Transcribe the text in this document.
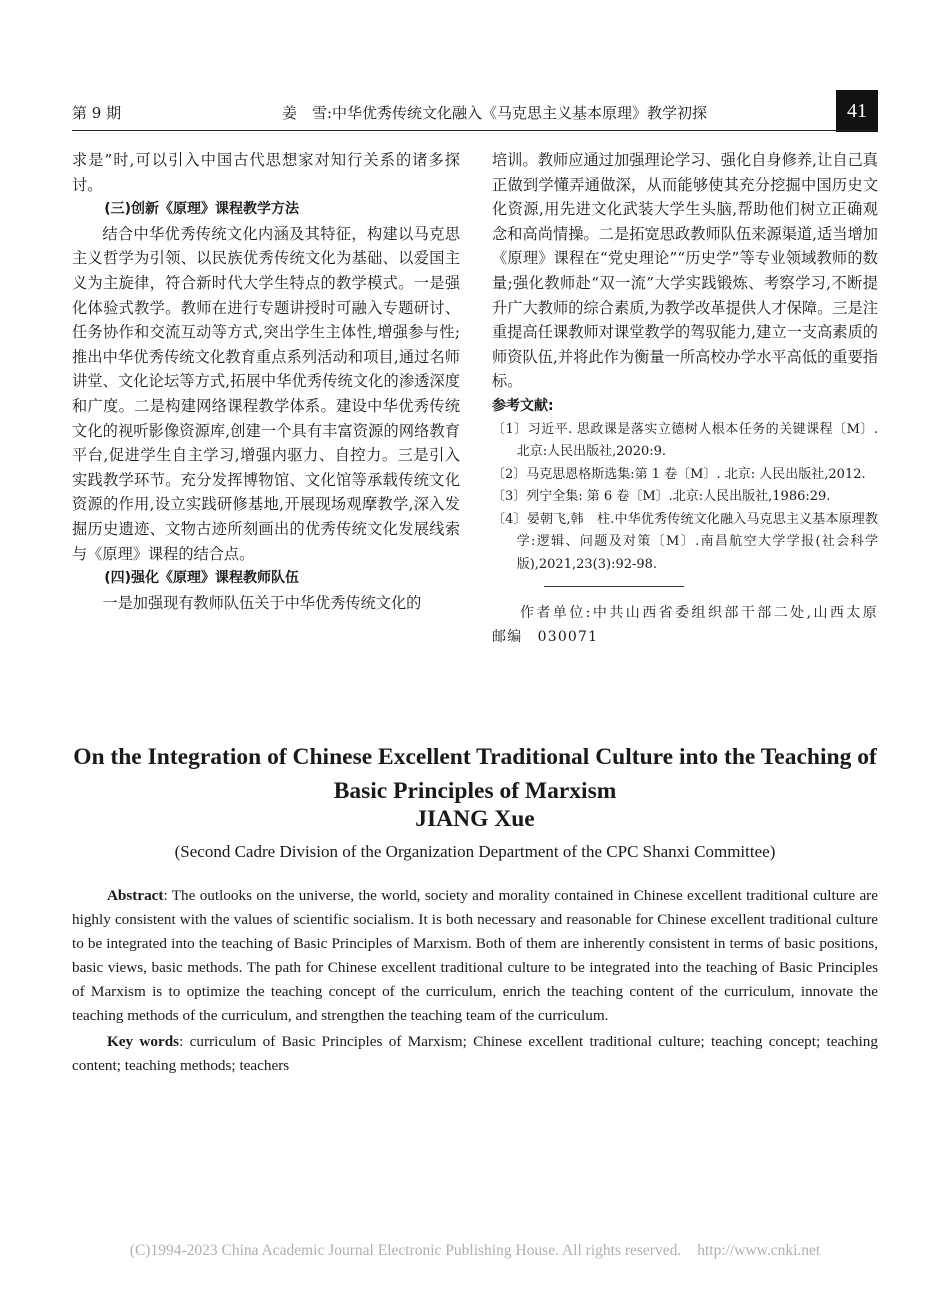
第 9 期	姜　雪:中华优秀传统文化融入《马克思主义基本原理》教学初探	41

求是”时,可以引入中国古代思想家对知行关系的诸多探讨。

(三)创新《原理》课程教学方法

结合中华优秀传统文化内涵及其特征，构建以马克思主义哲学为引领、以民族优秀传统文化为基础、以爱国主义为主旋律，符合新时代大学生特点的教学模式。一是强化体验式教学。教师在进行专题讲授时可融入专题研讨、任务协作和交流互动等方式,突出学生主体性,增强参与性;推出中华优秀传统文化教育重点系列活动和项目,通过名师讲堂、文化论坛等方式,拓展中华优秀传统文化的渗透深度和广度。二是构建网络课程教学体系。建设中华优秀传统文化的视听影像资源库,创建一个具有丰富资源的网络教育平台,促进学生自主学习,增强内驱力、自控力。三是引入实践教学环节。充分发挥博物馆、文化馆等承载传统文化资源的作用,设立实践研修基地,开展现场观摩教学,深入发掘历史遗迹、文物古迹所刻画出的优秀传统文化发展线索与《原理》课程的结合点。

(四)强化《原理》课程教师队伍

一是加强现有教师队伍关于中华优秀传统文化的

培训。教师应通过加强理论学习、强化自身修养,让自己真正做到学懂弄通做深，从而能够使其充分挖掘中国历史文化资源,用先进文化武装大学生头脑,帮助他们树立正确观念和高尚情操。二是拓宽思政教师队伍来源渠道,适当增加《原理》课程在“党史理论”“历史学”等专业领域教师的数量;强化教师赴“双一流”大学实践锻炼、考察学习,不断提升广大教师的综合素质,为教学改革提供人才保障。三是注重提高任课教师对课堂教学的驾驭能力,建立一支高素质的师资队伍,并将此作为衡量一所高校办学水平高低的重要指标。

参考文献:

〔1〕习近平. 思政课是落实立德树人根本任务的关键课程〔M〕. 北京:人民出版社,2020:9.
〔2〕马克思恩格斯选集:第 1 卷〔M〕. 北京: 人民出版社,2012.
〔3〕列宁全集: 第 6 卷〔M〕.北京:人民出版社,1986:29.
〔4〕晏朝飞,韩　柱.中华优秀传统文化融入马克思主义基本原理教学:逻辑、问题及对策〔M〕.南昌航空大学学报(社会科学版),2021,23(3):92-98.

作者单位:中共山西省委组织部干部二处,山西太原　邮编　030071

On the Integration of Chinese Excellent Traditional Culture into the Teaching of Basic Principles of Marxism
JIANG Xue
(Second Cadre Division of the Organization Department of the CPC Shanxi Committee)

Abstract: The outlooks on the universe, the world, society and morality contained in Chinese excellent traditional culture are highly consistent with the values of scientific socialism. It is both necessary and reasonable for Chinese excellent traditional culture to be integrated into the teaching of Basic Principles of Marxism. Both of them are inherently consistent in terms of basic positions, basic views, basic methods. The path for Chinese excellent traditional culture to be integrated into the teaching of Basic Principles of Marxism is to optimize the teaching concept of the curriculum, enrich the teaching content of the curriculum, innovate the teaching methods of the curriculum, and strengthen the teaching team of the curriculum.

Key words: curriculum of Basic Principles of Marxism; Chinese excellent traditional culture; teaching concept; teaching content; teaching methods; teachers

(C)1994-2023 China Academic Journal Electronic Publishing House. All rights reserved. http://www.cnki.net
